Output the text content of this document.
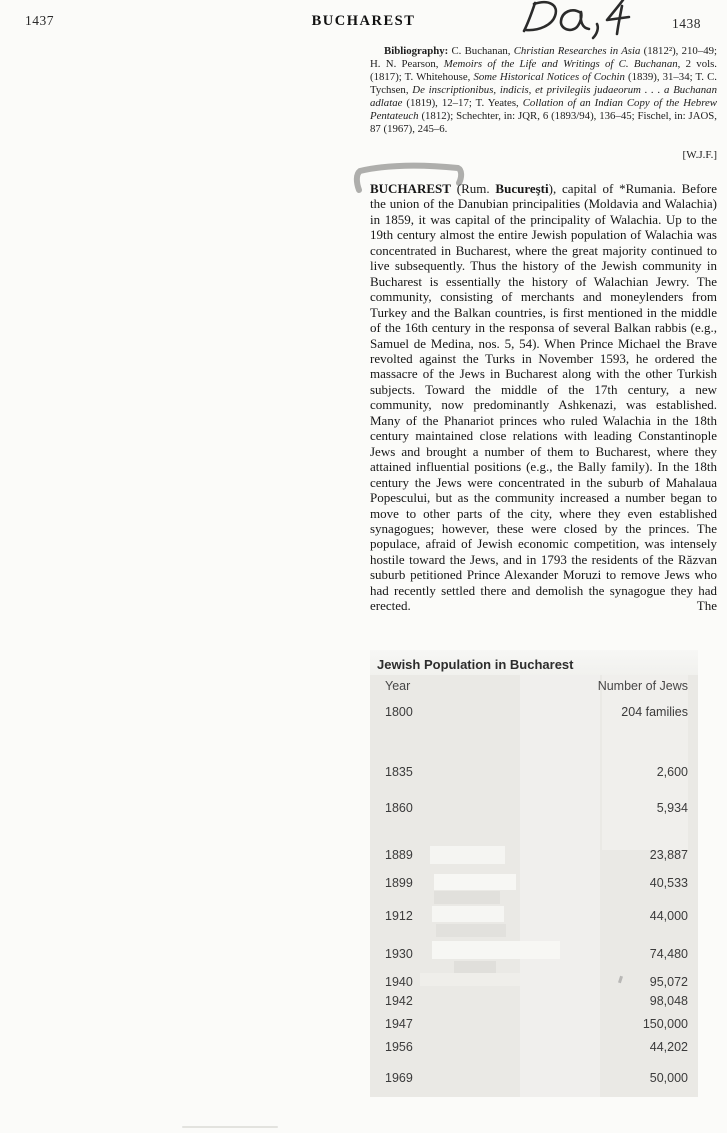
1437	BUCHAREST	1438
Bibliography: C. Buchanan, Christian Researches in Asia (1812²), 210–49; H. N. Pearson, Memoirs of the Life and Writings of C. Buchanan, 2 vols. (1817); T. Whitehouse, Some Historical Notices of Cochin (1839), 31–34; T. C. Tychsen, De inscriptionibus, indicis, et privilegiis judaeorum . . . a Buchanan adlatae (1819), 12–17; T. Yeates, Collation of an Indian Copy of the Hebrew Pentateuch (1812); Schechter, in: JQR, 6 (1893/94), 136–45; Fischel, in: JAOS, 87 (1967), 245–6.
[W.J.F.]
BUCHAREST (Rum. Bucureşti), capital of *Rumania. Before the union of the Danubian principalities (Moldavia and Walachia) in 1859, it was capital of the principality of Walachia. Up to the 19th century almost the entire Jewish population of Walachia was concentrated in Bucharest, where the great majority continued to live subsequently. Thus the history of the Jewish community in Bucharest is essentially the history of Walachian Jewry. The community, consisting of merchants and moneylenders from Turkey and the Balkan countries, is first mentioned in the middle of the 16th century in the responsa of several Balkan rabbis (e.g., Samuel de Medina, nos. 5, 54). When Prince Michael the Brave revolted against the Turks in November 1593, he ordered the massacre of the Jews in Bucharest along with the other Turkish subjects. Toward the middle of the 17th century, a new community, now predominantly Ashkenazi, was established. Many of the Phanariot princes who ruled Walachia in the 18th century maintained close relations with leading Constantinople Jews and brought a number of them to Bucharest, where they attained influential positions (e.g., the Bally family). In the 18th century the Jews were concentrated in the suburb of Mahalaua Popescului, but as the community increased a number began to move to other parts of the city, where they even established synagogues; however, these were closed by the princes. The populace, afraid of Jewish economic competition, was intensely hostile toward the Jews, and in 1793 the residents of the Răzvan suburb petitioned Prince Alexander Moruzi to remove Jews who had recently settled there and demolish the synagogue they had erected. The
Jewish Population in Bucharest
Year	Number of Jews
1800	204 families
1835	2,600
1860	5,934
1889	23,887
1899	40,533
1912	44,000
1930	74,480
1940	95,072
1942	98,048
1947	150,000
1956	44,202
1969	50,000
